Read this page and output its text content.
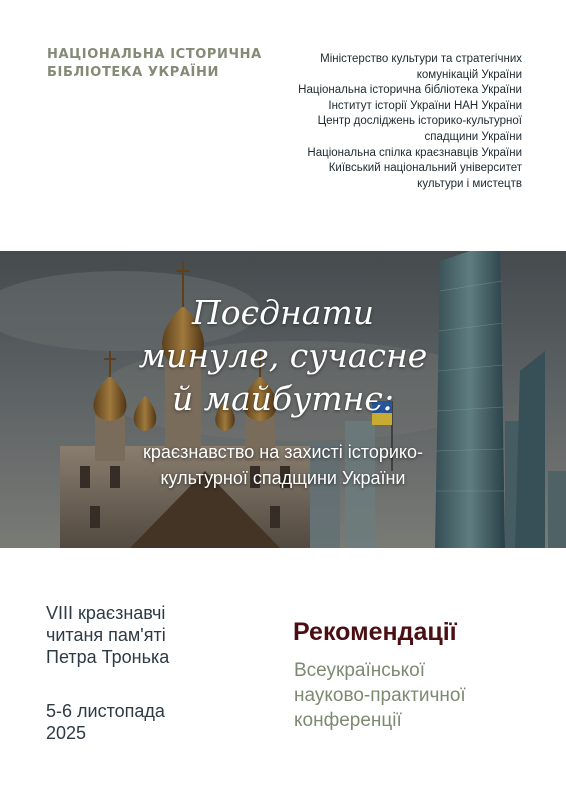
НАЦІОНАЛЬНА ІСТОРИЧНА
БІБЛІОТЕКА УКРАЇНИ
Міністерство культури та стратегічних
комунікацій України
Національна історична бібліотека України
Інститут історії України НАН України
Центр досліджень історико-культурної
спадщини України
Національна спілка краєзнавців України
Київський національний університет
культури і мистецтв
Поєднати
минуле, сучасне
й майбутнє:
краєзнавство на захисті історико-
культурної спадщини України
VIII краєзнавчі
читаня пам'яті
Петра Тронька
5-6 листопада
2025
Рекомендації
Всеукраїнської
науково-практичної
конференції
